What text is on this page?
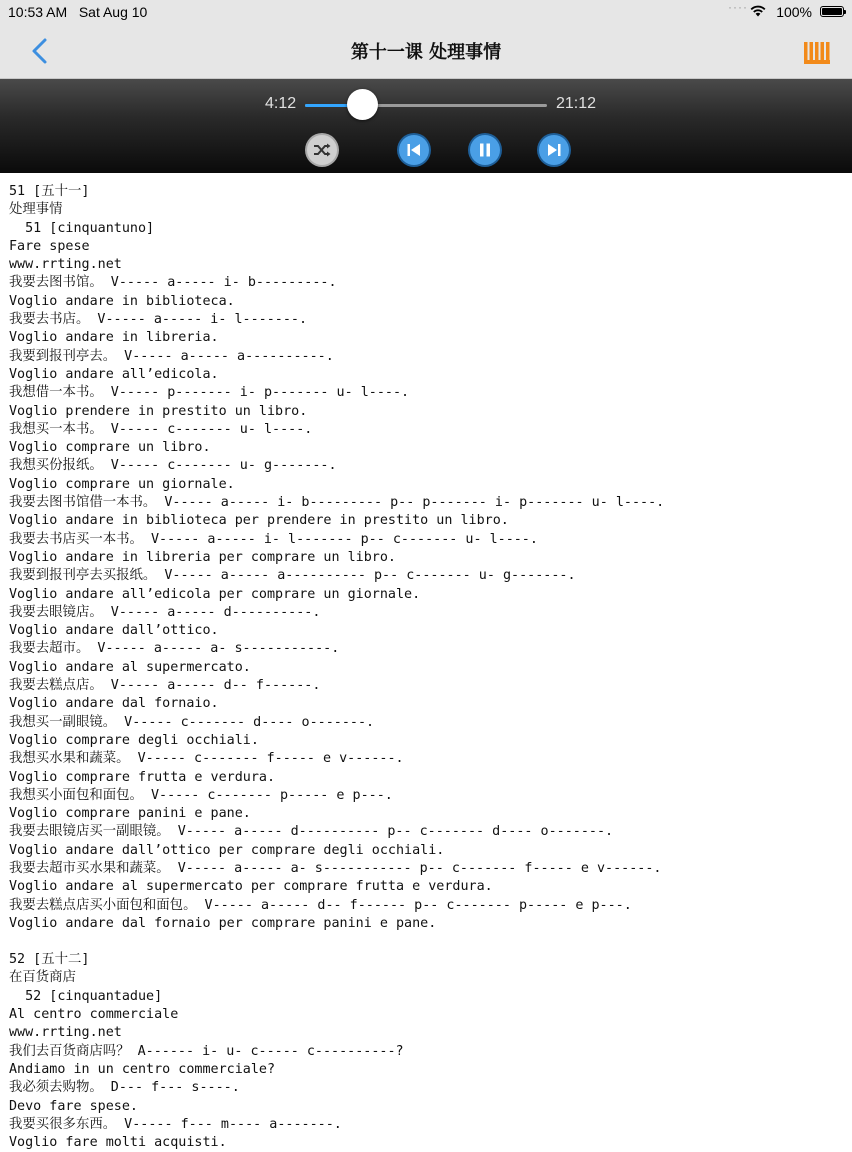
10:53 AM Sat Aug 10	···· 100%
第十一课 处理事情
4:12	21:12
51 [五十一]
处理事情
51 [cinquantuno]
Fare spese
www.rrting.net
我要去图书馆。 V----- a----- i- b---------.
Voglio andare in biblioteca.
我要去书店。 V----- a----- i- l-------.
Voglio andare in libreria.
我要到报刊亭去。 V----- a----- a----------.
Voglio andare all’edicola.
我想借一本书。 V----- p------- i- p------- u- l----.
Voglio prendere in prestito un libro.
我想买一本书。 V----- c------- u- l----.
Voglio comprare un libro.
我想买份报纸。 V----- c------- u- g-------.
Voglio comprare un giornale.
我要去图书馆借一本书。 V----- a----- i- b--------- p-- p------- i- p------- u- l----.
Voglio andare in biblioteca per prendere in prestito un libro.
我要去书店买一本书。 V----- a----- i- l------- p-- c------- u- l----.
Voglio andare in libreria per comprare un libro.
我要到报刊亭去买报纸。 V----- a----- a---------- p-- c------- u- g-------.
Voglio andare all’edicola per comprare un giornale.
我要去眼镜店。 V----- a----- d----------.
Voglio andare dall’ottico.
我要去超市。 V----- a----- a- s-----------.
Voglio andare al supermercato.
我要去糕点店。 V----- a----- d-- f------.
Voglio andare dal fornaio.
我想买一副眼镜。 V----- c------- d---- o-------.
Voglio comprare degli occhiali.
我想买水果和蔬菜。 V----- c------- f----- e v------.
Voglio comprare frutta e verdura.
我想买小面包和面包。 V----- c------- p----- e p---.
Voglio comprare panini e pane.
我要去眼镜店买一副眼镜。 V----- a----- d---------- p-- c------- d---- o-------.
Voglio andare dall’ottico per comprare degli occhiali.
我要去超市买水果和蔬菜。 V----- a----- a- s----------- p-- c------- f----- e v------.
Voglio andare al supermercato per comprare frutta e verdura.
我要去糕点店买小面包和面包。 V----- a----- d-- f------ p-- c------- p----- e p---.
Voglio andare dal fornaio per comprare panini e pane.
52 [五十二]
在百货商店
52 [cinquantadue]
Al centro commerciale
www.rrting.net
我们去百货商店吗？ A------ i- u- c----- c----------?
Andiamo in un centro commerciale?
我必须去购物。 D--- f--- s----.
Devo fare spese.
我要买很多东西。 V----- f--- m---- a-------.
Voglio fare molti acquisti.
